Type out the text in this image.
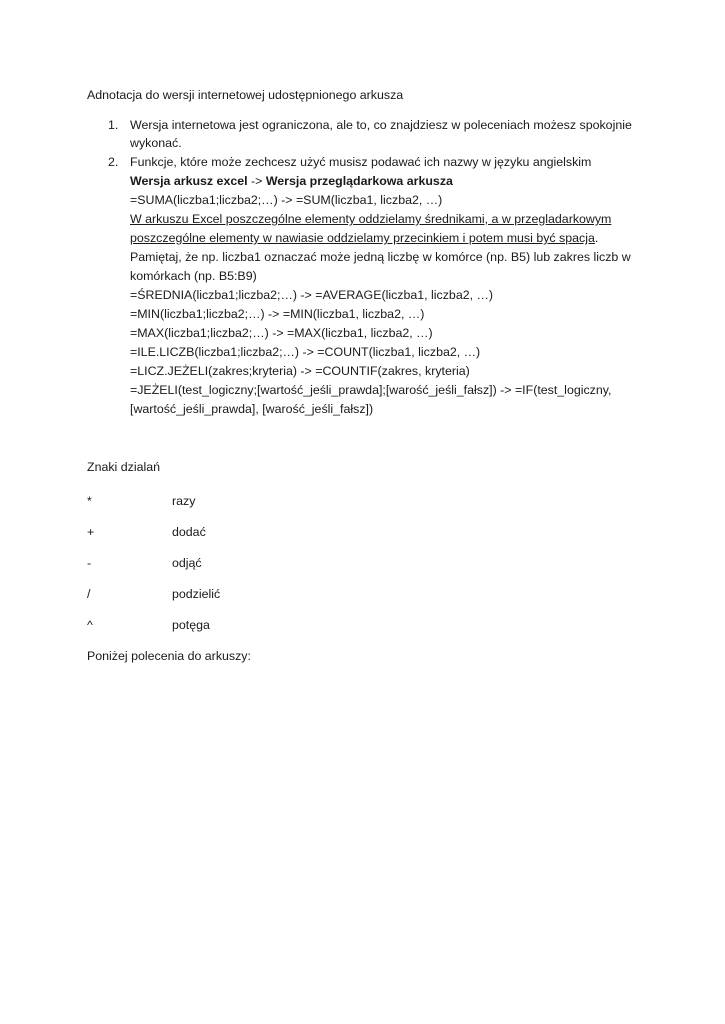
Adnotacja do wersji internetowej udostępnionego arkusza
1. Wersja internetowa jest ograniczona, ale to, co znajdziesz w poleceniach możesz spokojnie
wykonać.
2. Funkcje, które może zechcesz użyć musisz podawać ich nazwy w języku angielskim
Wersja arkusz excel -> Wersja przeglądarkowa arkusza
=SUMA(liczba1;liczba2;…) -> =SUM(liczba1, liczba2, …)
W arkuszu Excel poszczególne elementy oddzielamy średnikami, a w przegladarkowym
poszczególne elementy w nawiasie oddzielamy przecinkiem i potem musi być spacja.
Pamiętaj, że np. liczba1 oznaczać może jedną liczbę w komórce (np. B5) lub zakres liczb w
komórkach (np. B5:B9)
=ŚREDNIA(liczba1;liczba2;…) -> =AVERAGE(liczba1, liczba2, …)
=MIN(liczba1;liczba2;…) -> =MIN(liczba1, liczba2, …)
=MAX(liczba1;liczba2;…) -> =MAX(liczba1, liczba2, …)
=ILE.LICZB(liczba1;liczba2;…) -> =COUNT(liczba1, liczba2, …)
=LICZ.JEŻELI(zakres;kryteria) -> =COUNTIF(zakres, kryteria)
=JEŻELI(test_logiczny;[wartość_jeśli_prawda];[warość_jeśli_fałsz]) -> =IF(test_logiczny,
[wartość_jeśli_prawda], [warość_jeśli_fałsz])
Znaki dzialań
*	razy
+	dodać
-	odjąć
/	podzielić
^	potęga
Poniżej polecenia do arkuszy:
